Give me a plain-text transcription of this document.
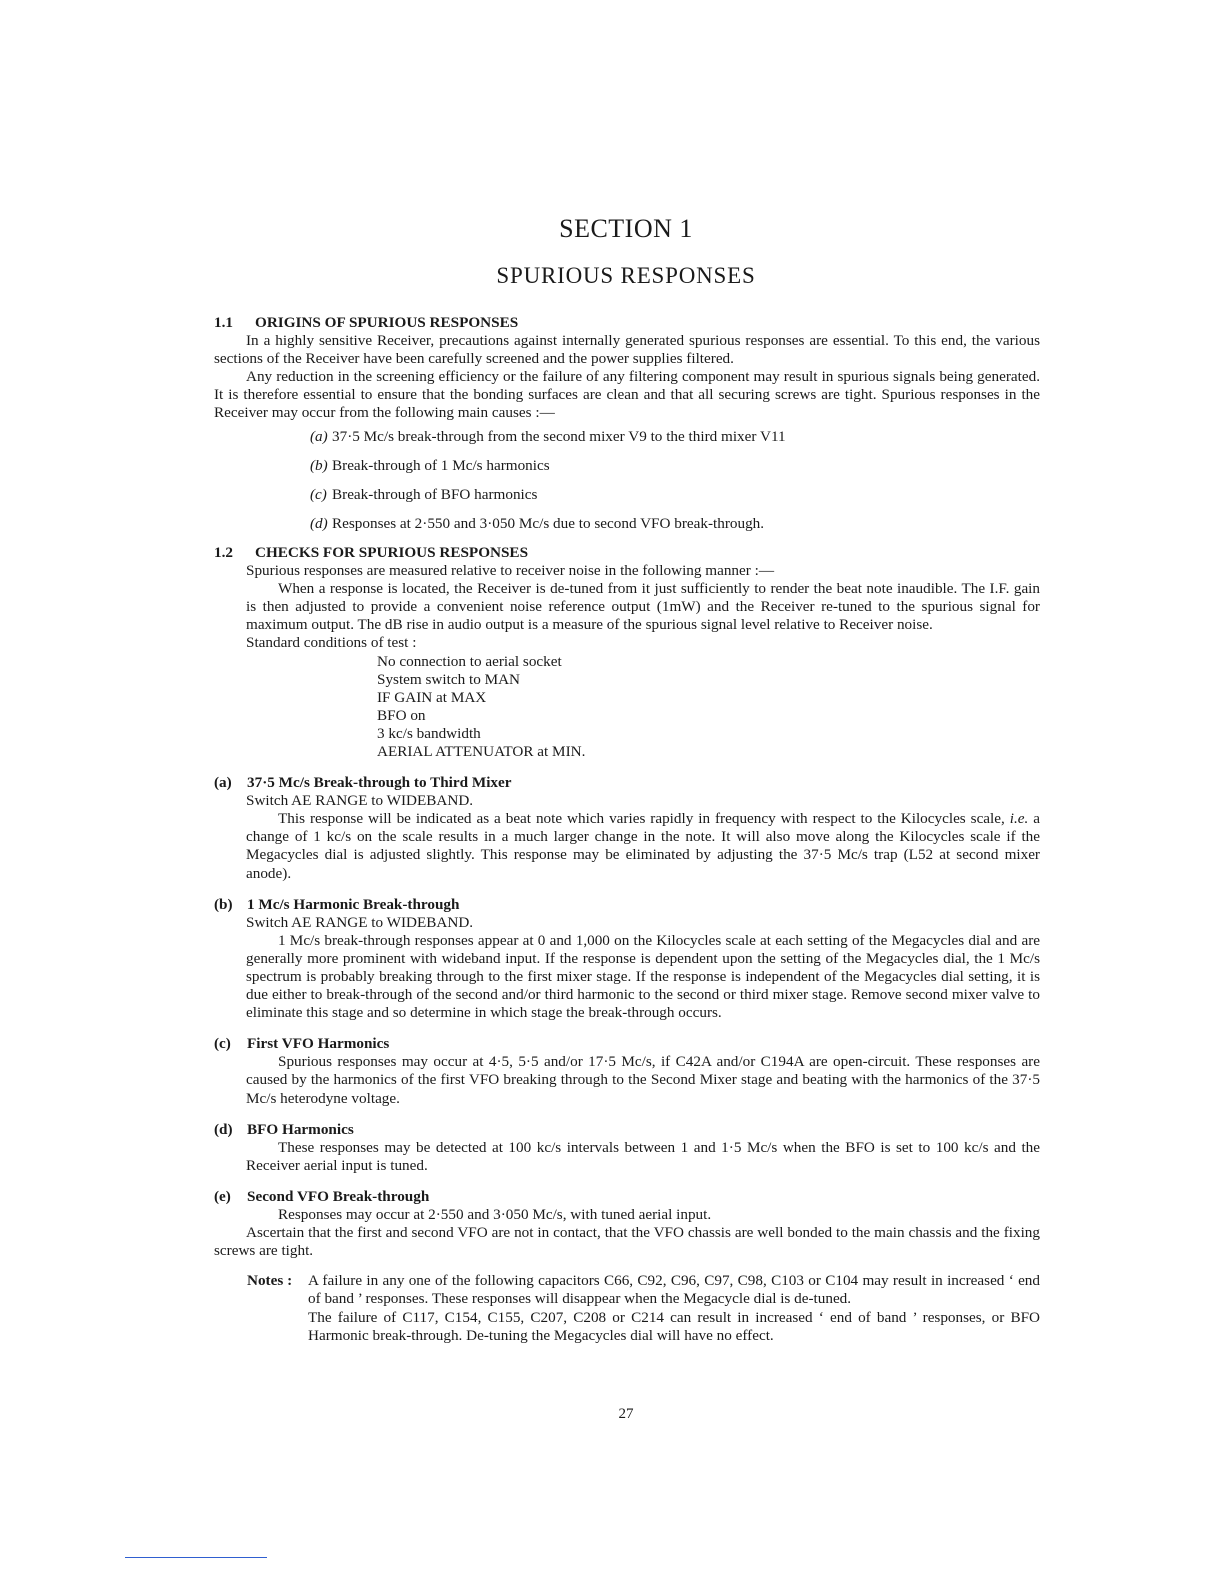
SECTION 1
SPURIOUS RESPONSES
1.1 ORIGINS OF SPURIOUS RESPONSES

In a highly sensitive Receiver, precautions against internally generated spurious responses are essential. To this end, the various sections of the Receiver have been carefully screened and the power supplies filtered.

Any reduction in the screening efficiency or the failure of any filtering component may result in spurious signals being generated. It is therefore essential to ensure that the bonding surfaces are clean and that all securing screws are tight. Spurious responses in the Receiver may occur from the following main causes :—

(a) 37·5 Mc/s break-through from the second mixer V9 to the third mixer V11
(b) Break-through of 1 Mc/s harmonics
(c) Break-through of BFO harmonics
(d) Responses at 2·550 and 3·050 Mc/s due to second VFO break-through.
1.2 CHECKS FOR SPURIOUS RESPONSES

Spurious responses are measured relative to receiver noise in the following manner :—

When a response is located, the Receiver is de-tuned from it just sufficiently to render the beat note inaudible. The I.F. gain is then adjusted to provide a convenient noise reference output (1mW) and the Receiver re-tuned to the spurious signal for maximum output. The dB rise in audio output is a measure of the spurious signal level relative to Receiver noise.

Standard conditions of test :

No connection to aerial socket
System switch to MAN
IF GAIN at MAX
BFO on
3 kc/s bandwidth
AERIAL ATTENUATOR at MIN.
(a) 37·5 Mc/s Break-through to Third Mixer

Switch AE RANGE to WIDEBAND.

This response will be indicated as a beat note which varies rapidly in frequency with respect to the Kilocycles scale, i.e. a change of 1 kc/s on the scale results in a much larger change in the note. It will also move along the Kilocycles scale if the Megacycles dial is adjusted slightly. This response may be eliminated by adjusting the 37·5 Mc/s trap (L52 at second mixer anode).

(b) 1 Mc/s Harmonic Break-through

Switch AE RANGE to WIDEBAND.

1 Mc/s break-through responses appear at 0 and 1,000 on the Kilocycles scale at each setting of the Megacycles dial and are generally more prominent with wideband input. If the response is dependent upon the setting of the Megacycles dial, the 1 Mc/s spectrum is probably breaking through to the first mixer stage. If the response is independent of the Megacycles dial setting, it is due either to break-through of the second and/or third harmonic to the second or third mixer stage. Remove second mixer valve to eliminate this stage and so determine in which stage the break-through occurs.

(c) First VFO Harmonics

Spurious responses may occur at 4·5, 5·5 and/or 17·5 Mc/s, if C42A and/or C194A are open-circuit. These responses are caused by the harmonics of the first VFO breaking through to the Second Mixer stage and beating with the harmonics of the 37·5 Mc/s heterodyne voltage.

(d) BFO Harmonics

These responses may be detected at 100 kc/s intervals between 1 and 1·5 Mc/s when the BFO is set to 100 kc/s and the Receiver aerial input is tuned.

(e) Second VFO Break-through

Responses may occur at 2·550 and 3·050 Mc/s, with tuned aerial input.

Ascertain that the first and second VFO are not in contact, that the VFO chassis are well bonded to the main chassis and the fixing screws are tight.

Notes :	A failure in any one of the following capacitors C66, C92, C96, C97, C98, C103 or C104 may result in increased ‘ end of band ’ responses. These responses will disappear when the Megacycle dial is de-tuned.

The failure of C117, C154, C155, C207, C208 or C214 can result in increased ‘ end of band ’ responses, or BFO Harmonic break-through. De-tuning the Megacycles dial will have no effect.

27
